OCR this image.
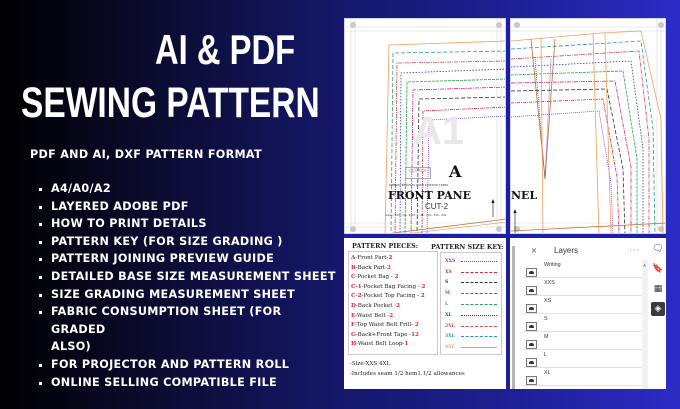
AI & PDF
SEWING PATTERN
PDF AND AI, DXF PATTERN FORMAT
A4/A0/A2
LAYERED ADOBE PDF
HOW TO PRINT DETAILS
PATTERN KEY (FOR SIZE GRADING )
PATTERN JOINING PREVIEW GUIDE
DETAILED BASE SIZE MEASUREMENT SHEET
SIZE GRADING MEASUREMENT SHEET
FABRIC CONSUMPTION SHEET (FOR GRADED
ALSO)
FOR PROJECTOR AND PATTERN ROLL
ONLINE SELLING COMPATIBLE FILE
A1
REGALIA A
RIBBON BRIGHTS WITH SCISSOR TRIMS
FRONT PANE
CUT-2
Sizes: XXS, XS, S, M, L, XL, 2XL, 3XL, 4XL
NEL
PATTERN PIECES: PATTERN SIZE KEY:
A-Front Part-2
B-Back Part-2
C-Pocket Bag - 2
C-1-Pocket Bag Facing - 2
C-2-Pocket Top Facing - 2
D-Back Pocket -2
E-Waist Belt -2
F-Top Waist Belt Frill- 2
G-Back+Front Tape -12
H-Waist Belt Loop-1
XXS
XS
S
M
L
XL
2XL
3XL
4XL
-Size-XXS 4XL
-Includes seam 1/2 hem1.1/2 allowances
×	Layers	···
Writing
XXS
XS
S
M
L
XL
▲
🗨
🔖
▦
◈
